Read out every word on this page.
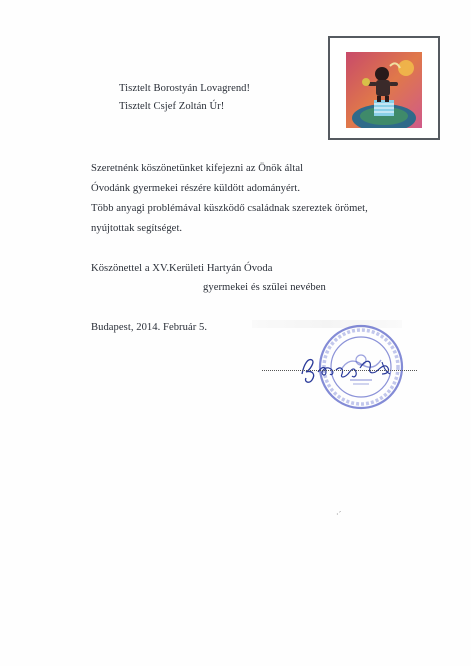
Tisztelt Borostyán Lovagrend!
Tisztelt Csjef Zoltán Úr!
Szeretnénk köszönetünket kifejezni az Önök által
Óvodánk gyermekei részére küldött adományért.
Több anyagi problémával küszködő családnak szereztek örömet,
nyújtottak segítséget.
Köszönettel a XV.Kerületi Hartyán Óvoda
gyermekei és szülei nevében
Budapest, 2014. Február 5.
·´
